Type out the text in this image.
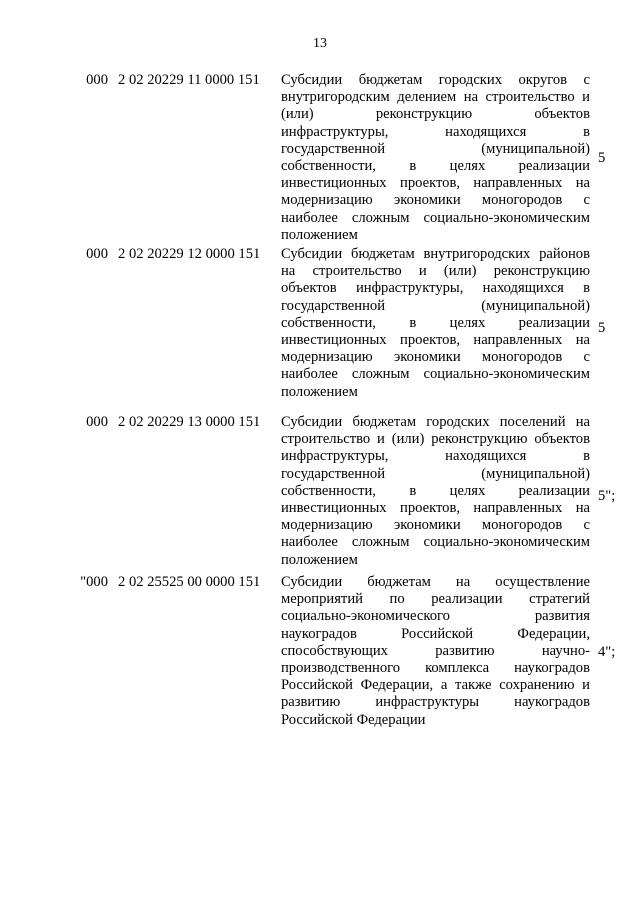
13
000 2 02 20229 11 0000 151	Субсидии бюджетам городских округов с
внутригородским делением на строительство и
(или) реконструкцию объектов
инфраструктуры, находящихся в
государственной (муниципальной)
собственности, в целях реализации
инвестиционных проектов, направленных на
модернизацию экономики моногородов с
наиболее сложным социально-экономическим
положением
5
000 2 02 20229 12 0000 151	Субсидии бюджетам внутригородских районов
на строительство и (или) реконструкцию
объектов инфраструктуры, находящихся в
государственной (муниципальной)
собственности, в целях реализации
инвестиционных проектов, направленных на
модернизацию экономики моногородов с
наиболее сложным социально-экономическим
положением
5
000 2 02 20229 13 0000 151	Субсидии бюджетам городских поселений на
строительство и (или) реконструкцию объектов
инфраструктуры, находящихся в
государственной (муниципальной)
собственности, в целях реализации
инвестиционных проектов, направленных на
модернизацию экономики моногородов с
наиболее сложным социально-экономическим
положением
5";
"000 2 02 25525 00 0000 151	Субсидии бюджетам на осуществление
мероприятий по реализации стратегий
социально-экономического развития
наукоградов Российской Федерации,
способствующих развитию научно-
производственного комплекса наукоградов
Российской Федерации, а также сохранению и
развитию инфраструктуры наукоградов
Российской Федерации
4";
